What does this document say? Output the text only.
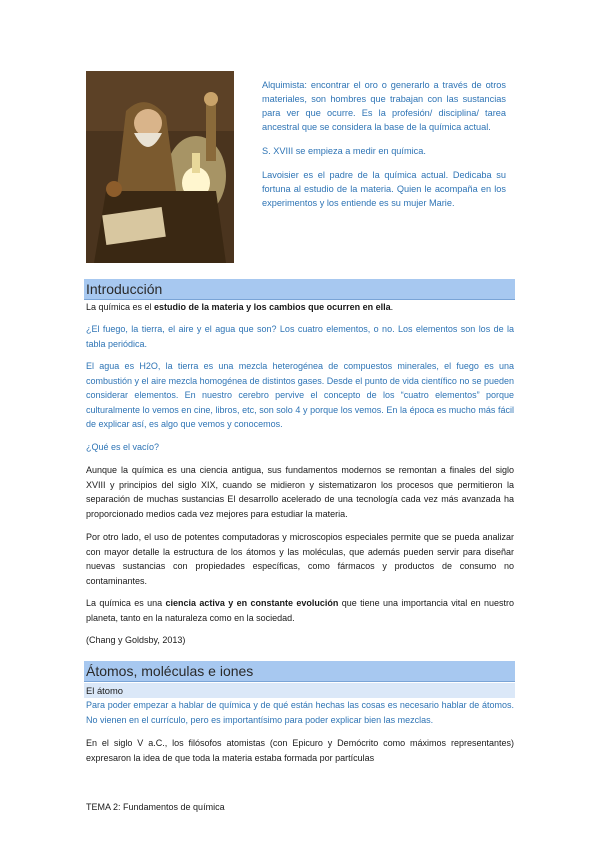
Alquimista: encontrar el oro o generarlo a través de otros materiales, son hombres que trabajan con las sustancias para ver que ocurre. Es la profesión/ disciplina/ tarea ancestral que se considera la base de la química actual.

S. XVIII se empieza a medir en química.

Lavoisier es el padre de la química actual. Dedicaba su fortuna al estudio de la materia. Quien le acompaña en los experimentos y los entiende es su mujer Marie.

Introducción

La química es el estudio de la materia y los cambios que ocurren en ella.

¿El fuego, la tierra, el aire y el agua que son? Los cuatro elementos, o no. Los elementos son los de la tabla periódica.

El agua es H2O, la tierra es una mezcla heterogénea de compuestos minerales, el fuego es una combustión y el aire mezcla homogénea de distintos gases. Desde el punto de vida científico no se pueden considerar elementos. En nuestro cerebro pervive el concepto de los “cuatro elementos” porque culturalmente lo vemos en cine, libros, etc, son solo 4 y porque los vemos. En la época es mucho más fácil de explicar así, es algo que vemos y conocemos.

¿Qué es el vacío?

Aunque la química es una ciencia antigua, sus fundamentos modernos se remontan a finales del siglo XVIII y principios del siglo XIX, cuando se midieron y sistematizaron los procesos que permitieron la separación de muchas sustancias El desarrollo acelerado de una tecnología cada vez más avanzada ha proporcionado medios cada vez mejores para estudiar la materia.

Por otro lado, el uso de potentes computadoras y microscopios especiales permite que se pueda analizar con mayor detalle la estructura de los átomos y las moléculas, que además pueden servir para diseñar nuevas sustancias con propiedades específicas, como fármacos y productos de consumo no contaminantes.

La química es una ciencia activa y en constante evolución que tiene una importancia vital en nuestro planeta, tanto en la naturaleza como en la sociedad.

(Chang y Goldsby, 2013)

Átomos, moléculas e iones
El átomo

Para poder empezar a hablar de química y de qué están hechas las cosas es necesario hablar de átomos. No vienen en el currículo, pero es importantísimo para poder explicar bien las mezclas.

En el siglo V a.C., los filósofos atomistas (con Epicuro y Demócrito como máximos representantes) expresaron la idea de que toda la materia estaba formada por partículas

TEMA 2: Fundamentos de química
